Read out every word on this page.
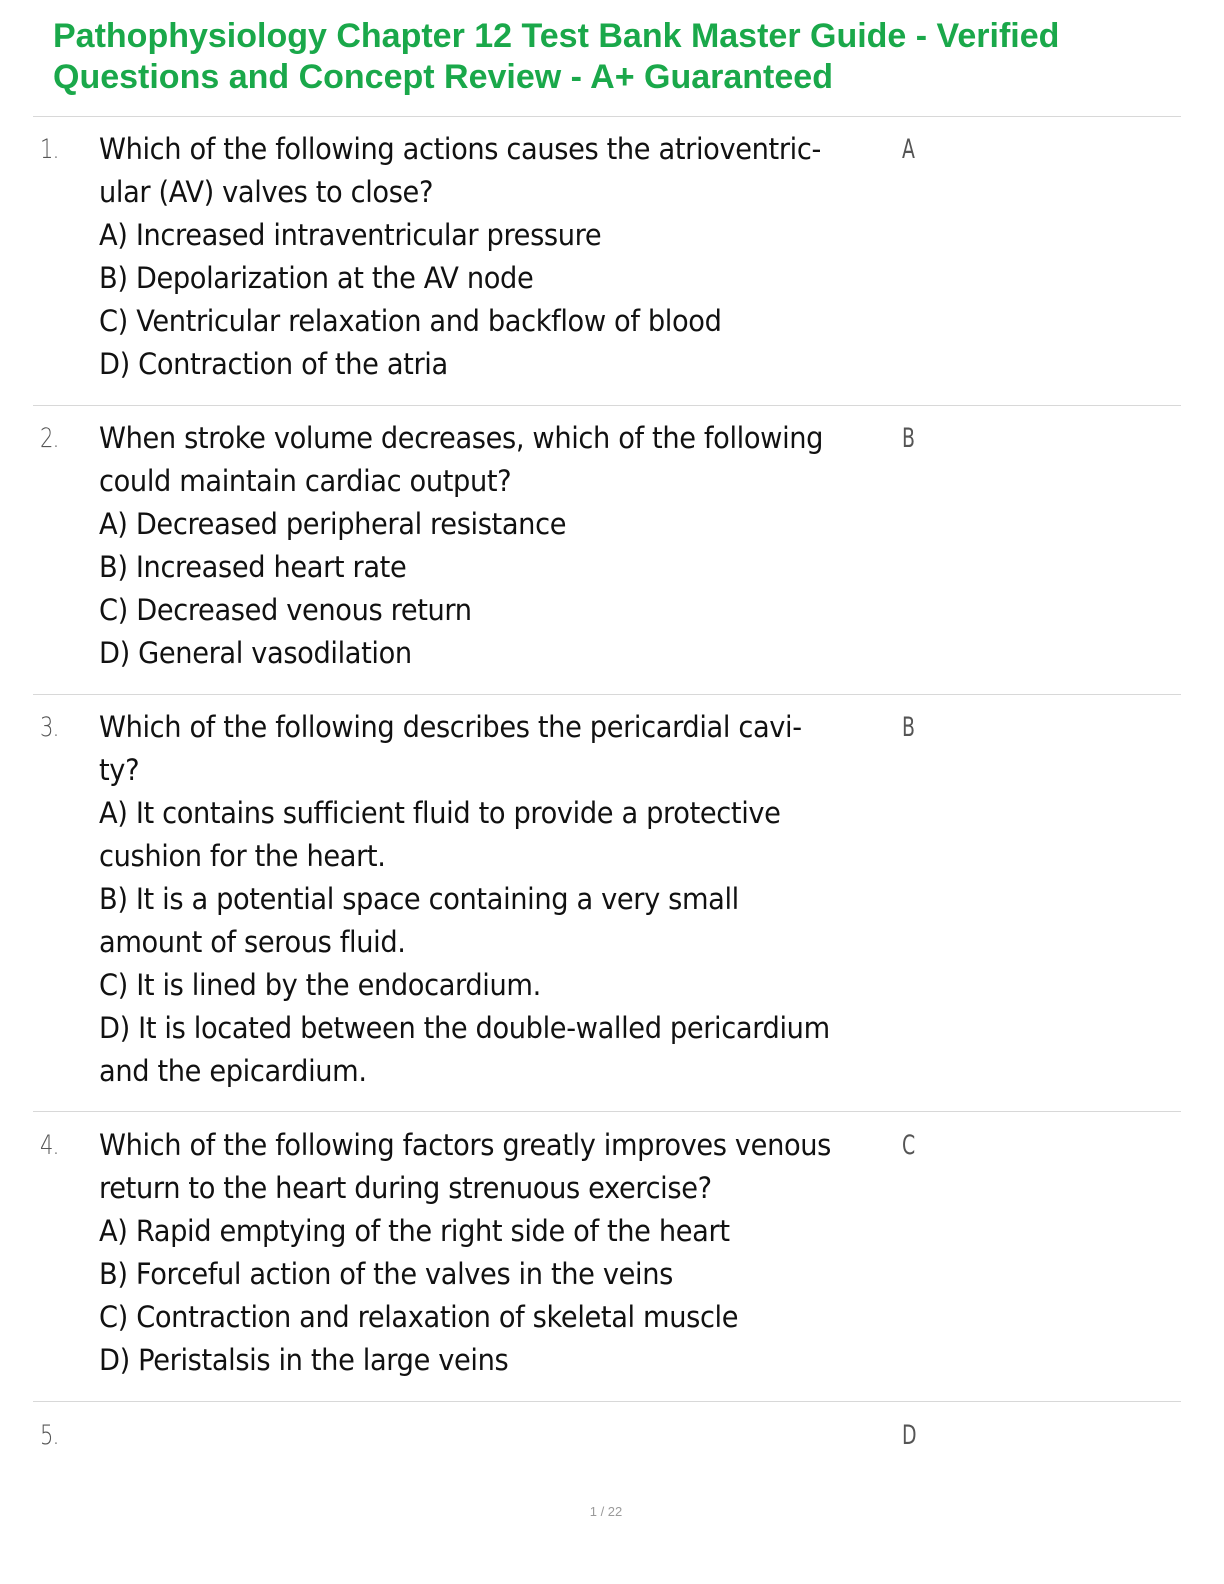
Pathophysiology Chapter 12 Test Bank Master Guide - Verified Questions and Concept Review - A+ Guaranteed
1. Which of the following actions causes the atrioventric-
ular (AV) valves to close?
A) Increased intraventricular pressure
B) Depolarization at the AV node
C) Ventricular relaxation and backflow of blood
D) Contraction of the atria
A
2. When stroke volume decreases, which of the following
could maintain cardiac output?
A) Decreased peripheral resistance
B) Increased heart rate
C) Decreased venous return
D) General vasodilation
B
3. Which of the following describes the pericardial cavi-
ty?
A) It contains sufficient fluid to provide a protective
cushion for the heart.
B) It is a potential space containing a very small
amount of serous fluid.
C) It is lined by the endocardium.
D) It is located between the double-walled pericardium
and the epicardium.
B
4. Which of the following factors greatly improves venous
return to the heart during strenuous exercise?
A) Rapid emptying of the right side of the heart
B) Forceful action of the valves in the veins
C) Contraction and relaxation of skeletal muscle
D) Peristalsis in the large veins
C
5.	D
1 / 22
